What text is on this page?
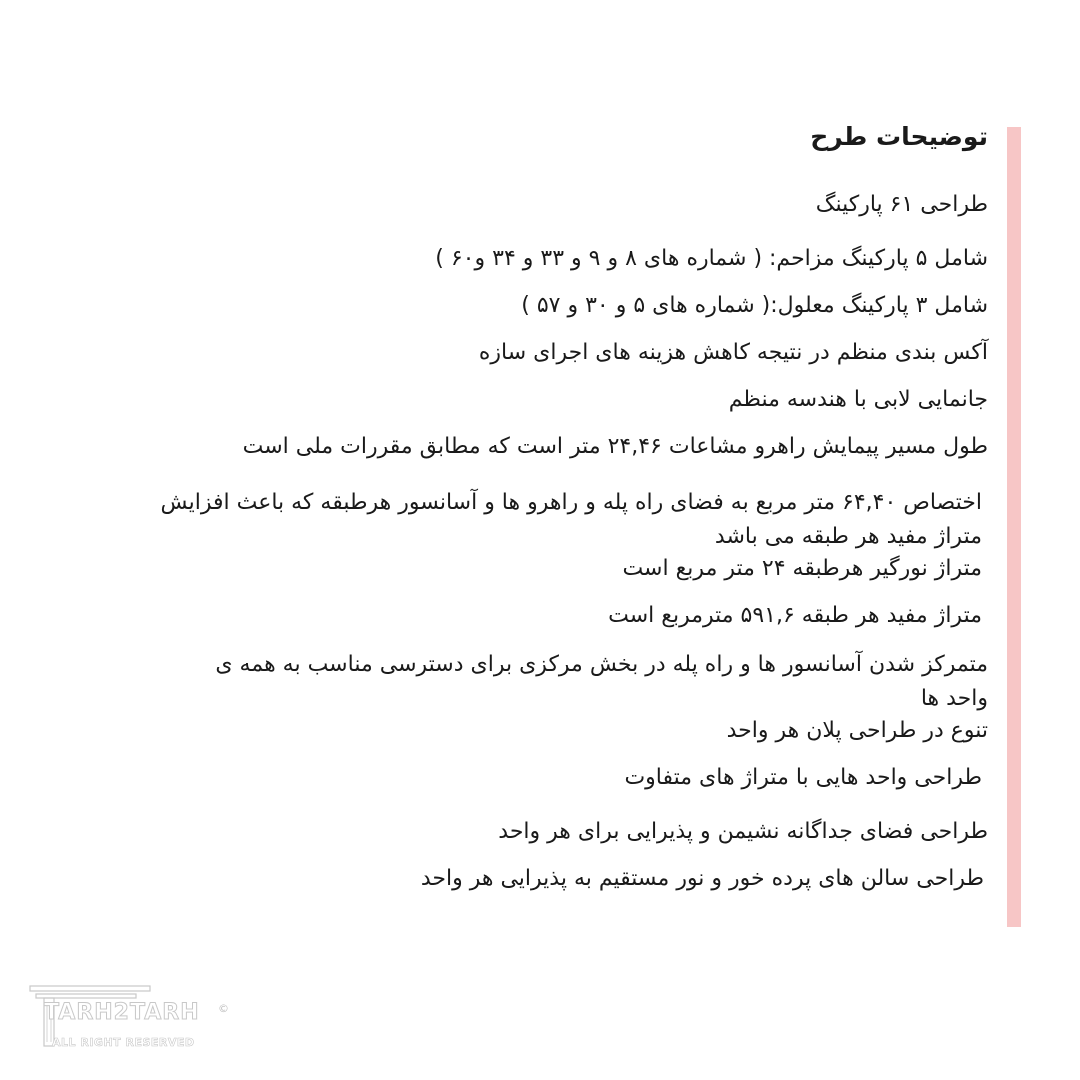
توضیحات طرح

طراحی ۶۱ پارکینگ

شامل ۵ پارکینگ مزاحم: ( شماره های ۸ و ۹ و ۳۳ و ۳۴ و۶۰ )

شامل ۳ پارکینگ معلول:( شماره های ۵ و ۳۰ و ۵۷ )

آکس بندی منظم در نتیجه کاهش هزینه های اجرای سازه

جانمایی لابی با هندسه منظم

طول مسیر پیمایش راهرو مشاعات ۲۴,۴۶ متر است که مطابق مقررات ملی است

اختصاص ۶۴,۴۰ متر مربع به فضای راه پله و راهرو ها و آسانسور هرطبقه که باعث افزایش متراژ مفید هر طبقه می باشد

متراژ نورگیر هرطبقه ۲۴ متر مربع است

متراژ مفید هر طبقه ۵۹۱,۶ مترمربع است

متمرکز شدن آسانسور ها و راه پله در بخش مرکزی برای دسترسی مناسب به همه ی واحد ها

تنوع در طراحی پلان هر واحد

طراحی واحد هایی با متراژ های متفاوت

طراحی فضای جداگانه نشیمن و پذیرایی برای هر واحد

طراحی سالن های پرده خور و نور مستقیم به پذیرایی هر واحد

TARH2TARH
ALL RIGHT RESERVED
©
